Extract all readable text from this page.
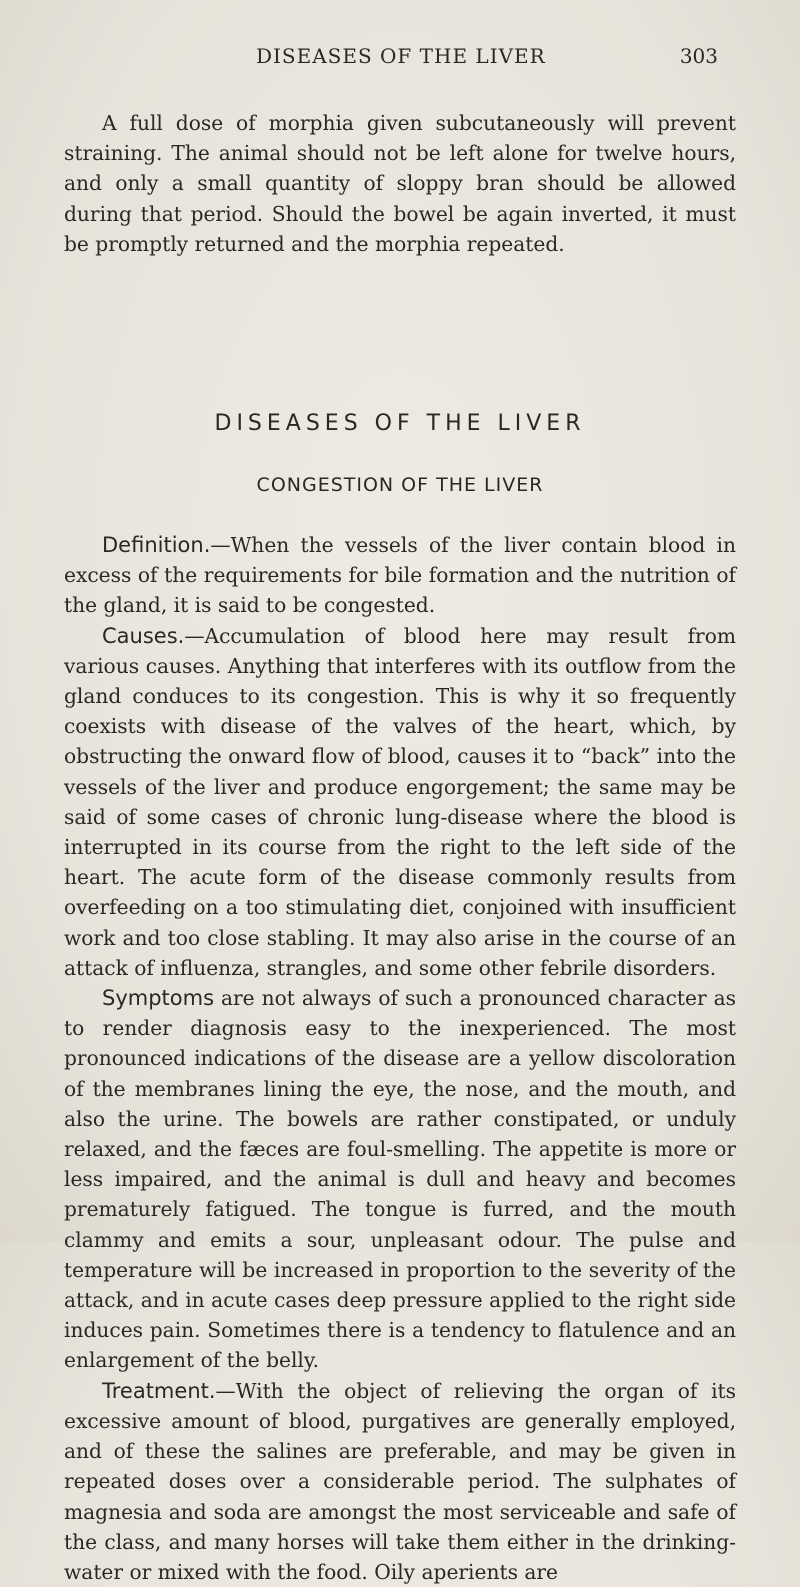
DISEASES OF THE LIVER	303

A full dose of morphia given subcutaneously will prevent straining. The animal should not be left alone for twelve hours, and only a small quantity of sloppy bran should be allowed during that period. Should the bowel be again inverted, it must be promptly returned and the morphia repeated.

DISEASES OF THE LIVER
CONGESTION OF THE LIVER

Definition.—When the vessels of the liver contain blood in excess of the requirements for bile formation and the nutrition of the gland, it is said to be congested.

Causes.—Accumulation of blood here may result from various causes. Anything that interferes with its outflow from the gland conduces to its congestion. This is why it so frequently coexists with disease of the valves of the heart, which, by obstructing the onward flow of blood, causes it to “back” into the vessels of the liver and produce engorgement; the same may be said of some cases of chronic lung-disease where the blood is interrupted in its course from the right to the left side of the heart. The acute form of the disease commonly results from overfeeding on a too stimulating diet, conjoined with insufficient work and too close stabling. It may also arise in the course of an attack of influenza, strangles, and some other febrile disorders.

Symptoms are not always of such a pronounced character as to render diagnosis easy to the inexperienced. The most pronounced indications of the disease are a yellow discoloration of the membranes lining the eye, the nose, and the mouth, and also the urine. The bowels are rather constipated, or unduly relaxed, and the fæces are foul-smelling. The appetite is more or less impaired, and the animal is dull and heavy and becomes prematurely fatigued. The tongue is furred, and the mouth clammy and emits a sour, unpleasant odour. The pulse and temperature will be increased in proportion to the severity of the attack, and in acute cases deep pressure applied to the right side induces pain. Sometimes there is a tendency to flatulence and an enlargement of the belly.

Treatment.—With the object of relieving the organ of its excessive amount of blood, purgatives are generally employed, and of these the salines are preferable, and may be given in repeated doses over a considerable period. The sulphates of magnesia and soda are amongst the most serviceable and safe of the class, and many horses will take them either in the drinking-water or mixed with the food. Oily aperients are
